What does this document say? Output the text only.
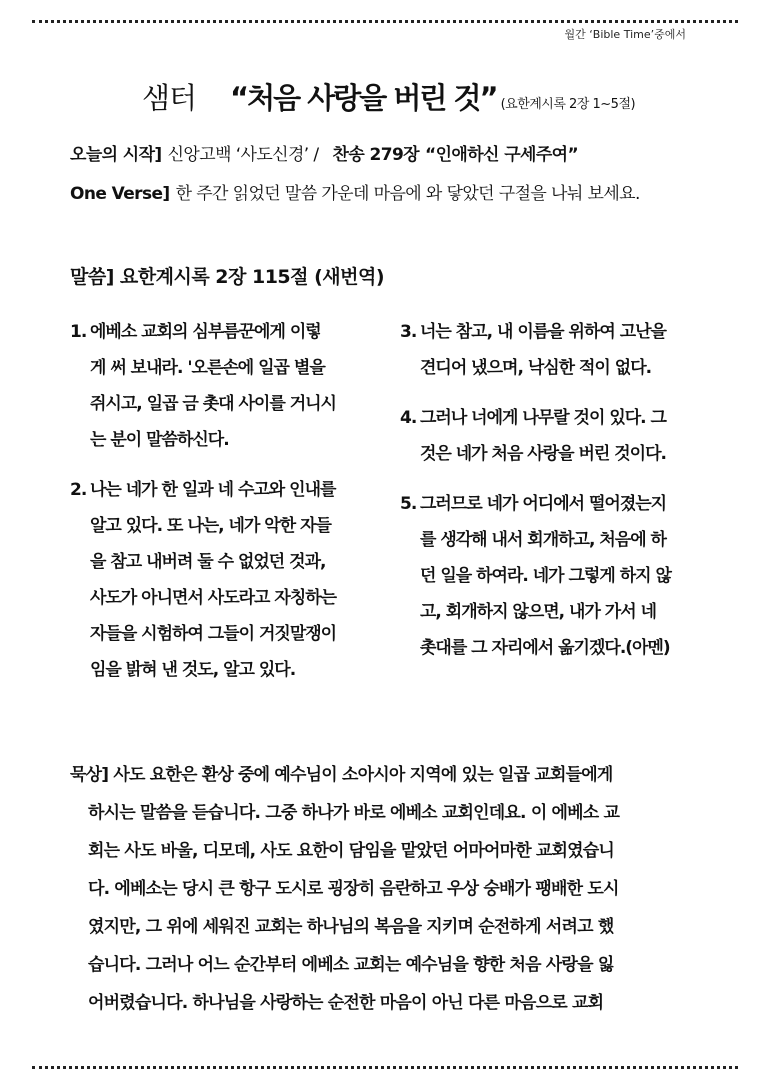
월간 ‘Bible Time’중에서
샘터 “처음 사랑을 버린 것” (요한계시록 2장 1~5절)
오늘의 시작] 신앙고백 ‘사도신경’ / 찬송 279장 “인애하신 구세주여”
One Verse] 한 주간 읽었던 말씀 가운데 마음에 와 닿았던 구절을 나눠 보세요.
말씀] 요한계시록 2장 115절 (새번역)
1. 에베소 교회의 심부름꾼에게 이렇
게 써 보내라. '오른손에 일곱 별을
쥐시고, 일곱 금 촛대 사이를 거니시
는 분이 말씀하신다.
2. 나는 네가 한 일과 네 수고와 인내를
알고 있다. 또 나는, 네가 악한 자들
을 참고 내버려 둘 수 없었던 것과,
사도가 아니면서 사도라고 자칭하는
자들을 시험하여 그들이 거짓말쟁이
임을 밝혀 낸 것도, 알고 있다.
3. 너는 참고, 내 이름을 위하여 고난을
견디어 냈으며, 낙심한 적이 없다.
4. 그러나 너에게 나무랄 것이 있다. 그
것은 네가 처음 사랑을 버린 것이다.
5. 그러므로 네가 어디에서 떨어졌는지
를 생각해 내서 회개하고, 처음에 하
던 일을 하여라. 네가 그렇게 하지 않
고, 회개하지 않으면, 내가 가서 네
촛대를 그 자리에서 옮기겠다.(아멘)
묵상] 사도 요한은 환상 중에 예수님이 소아시아 지역에 있는 일곱 교회들에게
하시는 말씀을 듣습니다. 그중 하나가 바로 에베소 교회인데요. 이 에베소 교
회는 사도 바울, 디모데, 사도 요한이 담임을 맡았던 어마어마한 교회였습니
다. 에베소는 당시 큰 항구 도시로 굉장히 음란하고 우상 숭배가 팽배한 도시
였지만, 그 위에 세워진 교회는 하나님의 복음을 지키며 순전하게 서려고 했
습니다. 그러나 어느 순간부터 에베소 교회는 예수님을 향한 처음 사랑을 잃
어버렸습니다. 하나님을 사랑하는 순전한 마음이 아닌 다른 마음으로 교회
